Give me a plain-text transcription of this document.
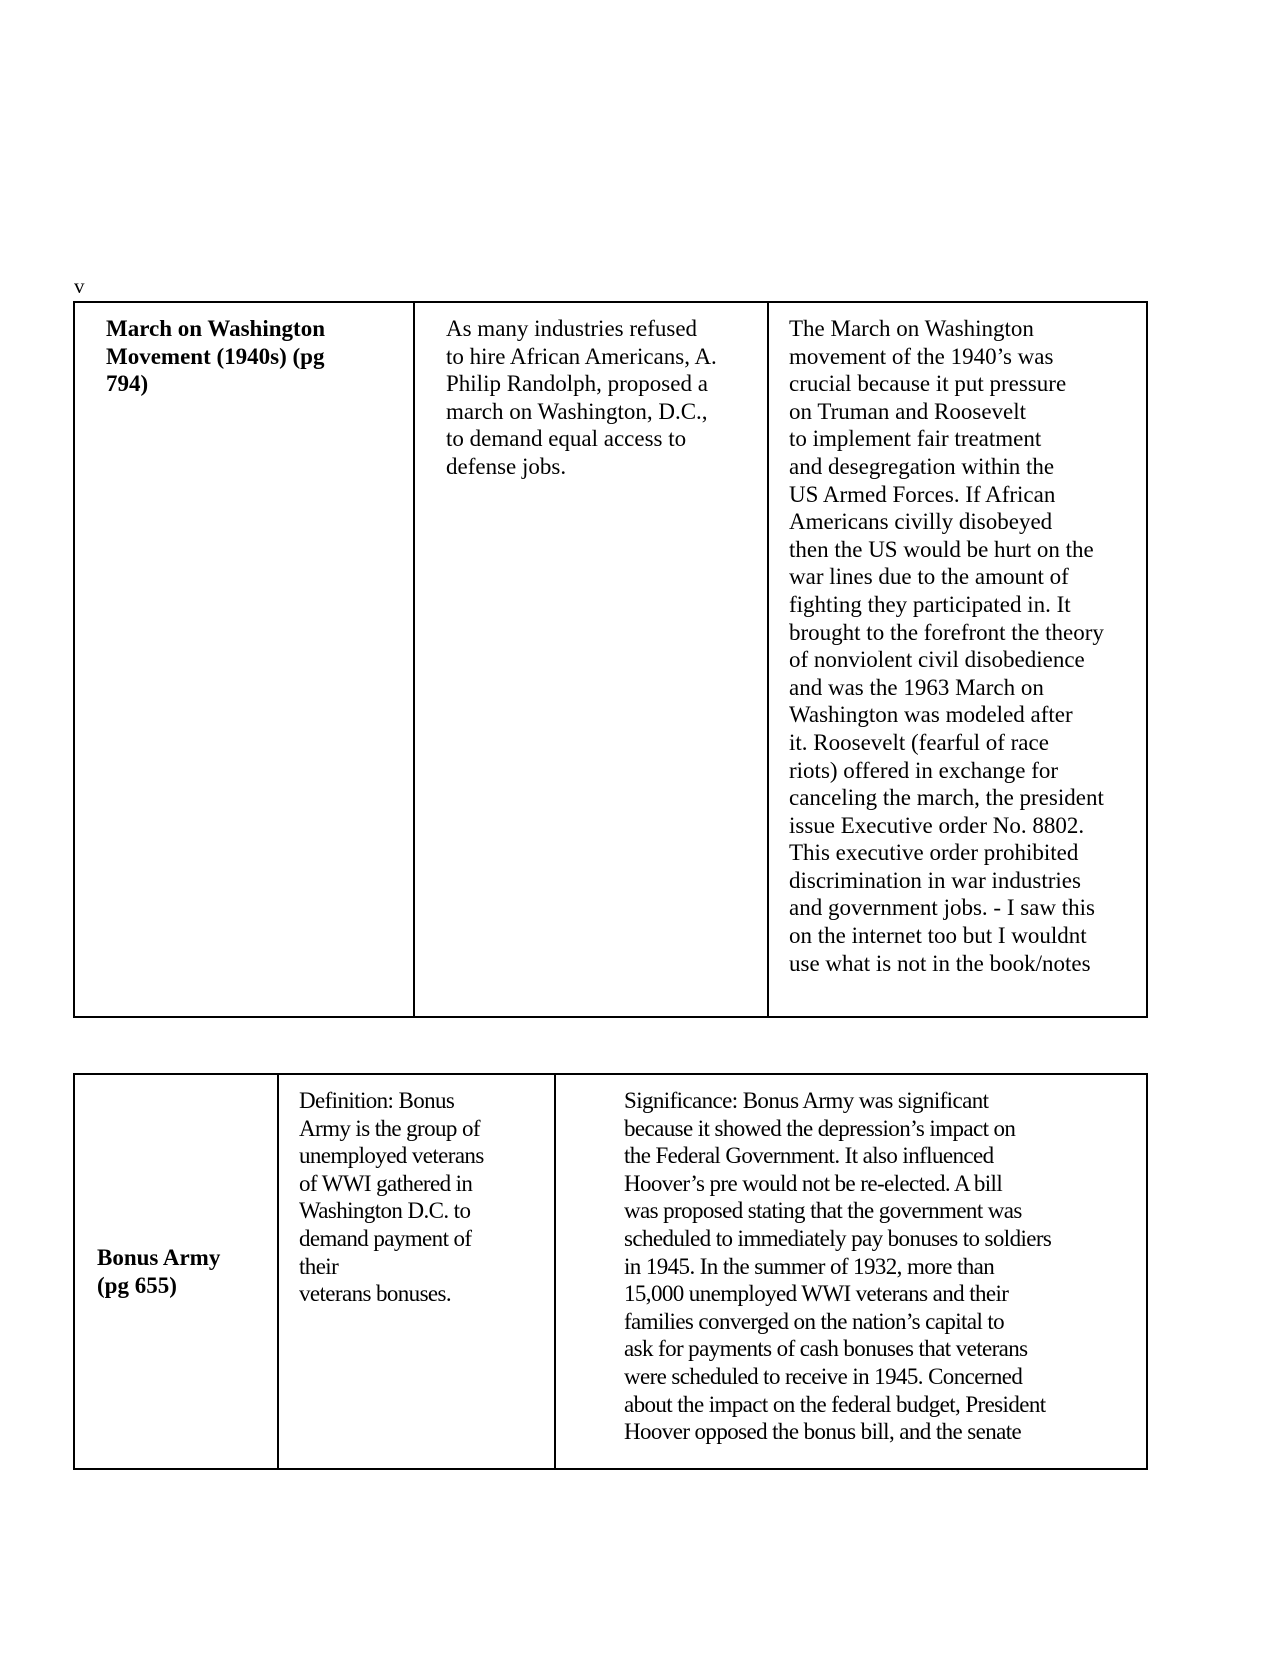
v
March on Washington
Movement (1940s) (pg
794)

As many industries refused
to hire African Americans, A.
Philip Randolph, proposed a
march on Washington, D.C.,
to demand equal access to
defense jobs.

The March on Washington
movement of the 1940’s was
crucial because it put pressure
on Truman and Roosevelt
to implement fair treatment
and desegregation within the
US Armed Forces. If African
Americans civilly disobeyed
then the US would be hurt on the
war lines due to the amount of
fighting they participated in. It
brought to the forefront the theory
of nonviolent civil disobedience
and was the 1963 March on
Washington was modeled after
it. Roosevelt (fearful of race
riots) offered in exchange for
canceling the march, the president
issue Executive order No. 8802.
This executive order prohibited
discrimination in war industries
and government jobs. - I saw this
on the internet too but I wouldnt
use what is not in the book/notes
Bonus Army
(pg 655)

Definition: Bonus
Army is the group of
unemployed veterans
of WWI gathered in
Washington D.C. to
demand payment of
their
veterans bonuses.

Significance: Bonus Army was significant
because it showed the depression’s impact on
the Federal Government. It also influenced
Hoover’s pre would not be re-elected. A bill
was proposed stating that the government was
scheduled to immediately pay bonuses to soldiers
in 1945. In the summer of 1932, more than
15,000 unemployed WWI veterans and their
families converged on the nation’s capital to
ask for payments of cash bonuses that veterans
were scheduled to receive in 1945. Concerned
about the impact on the federal budget, President
Hoover opposed the bonus bill, and the senate
